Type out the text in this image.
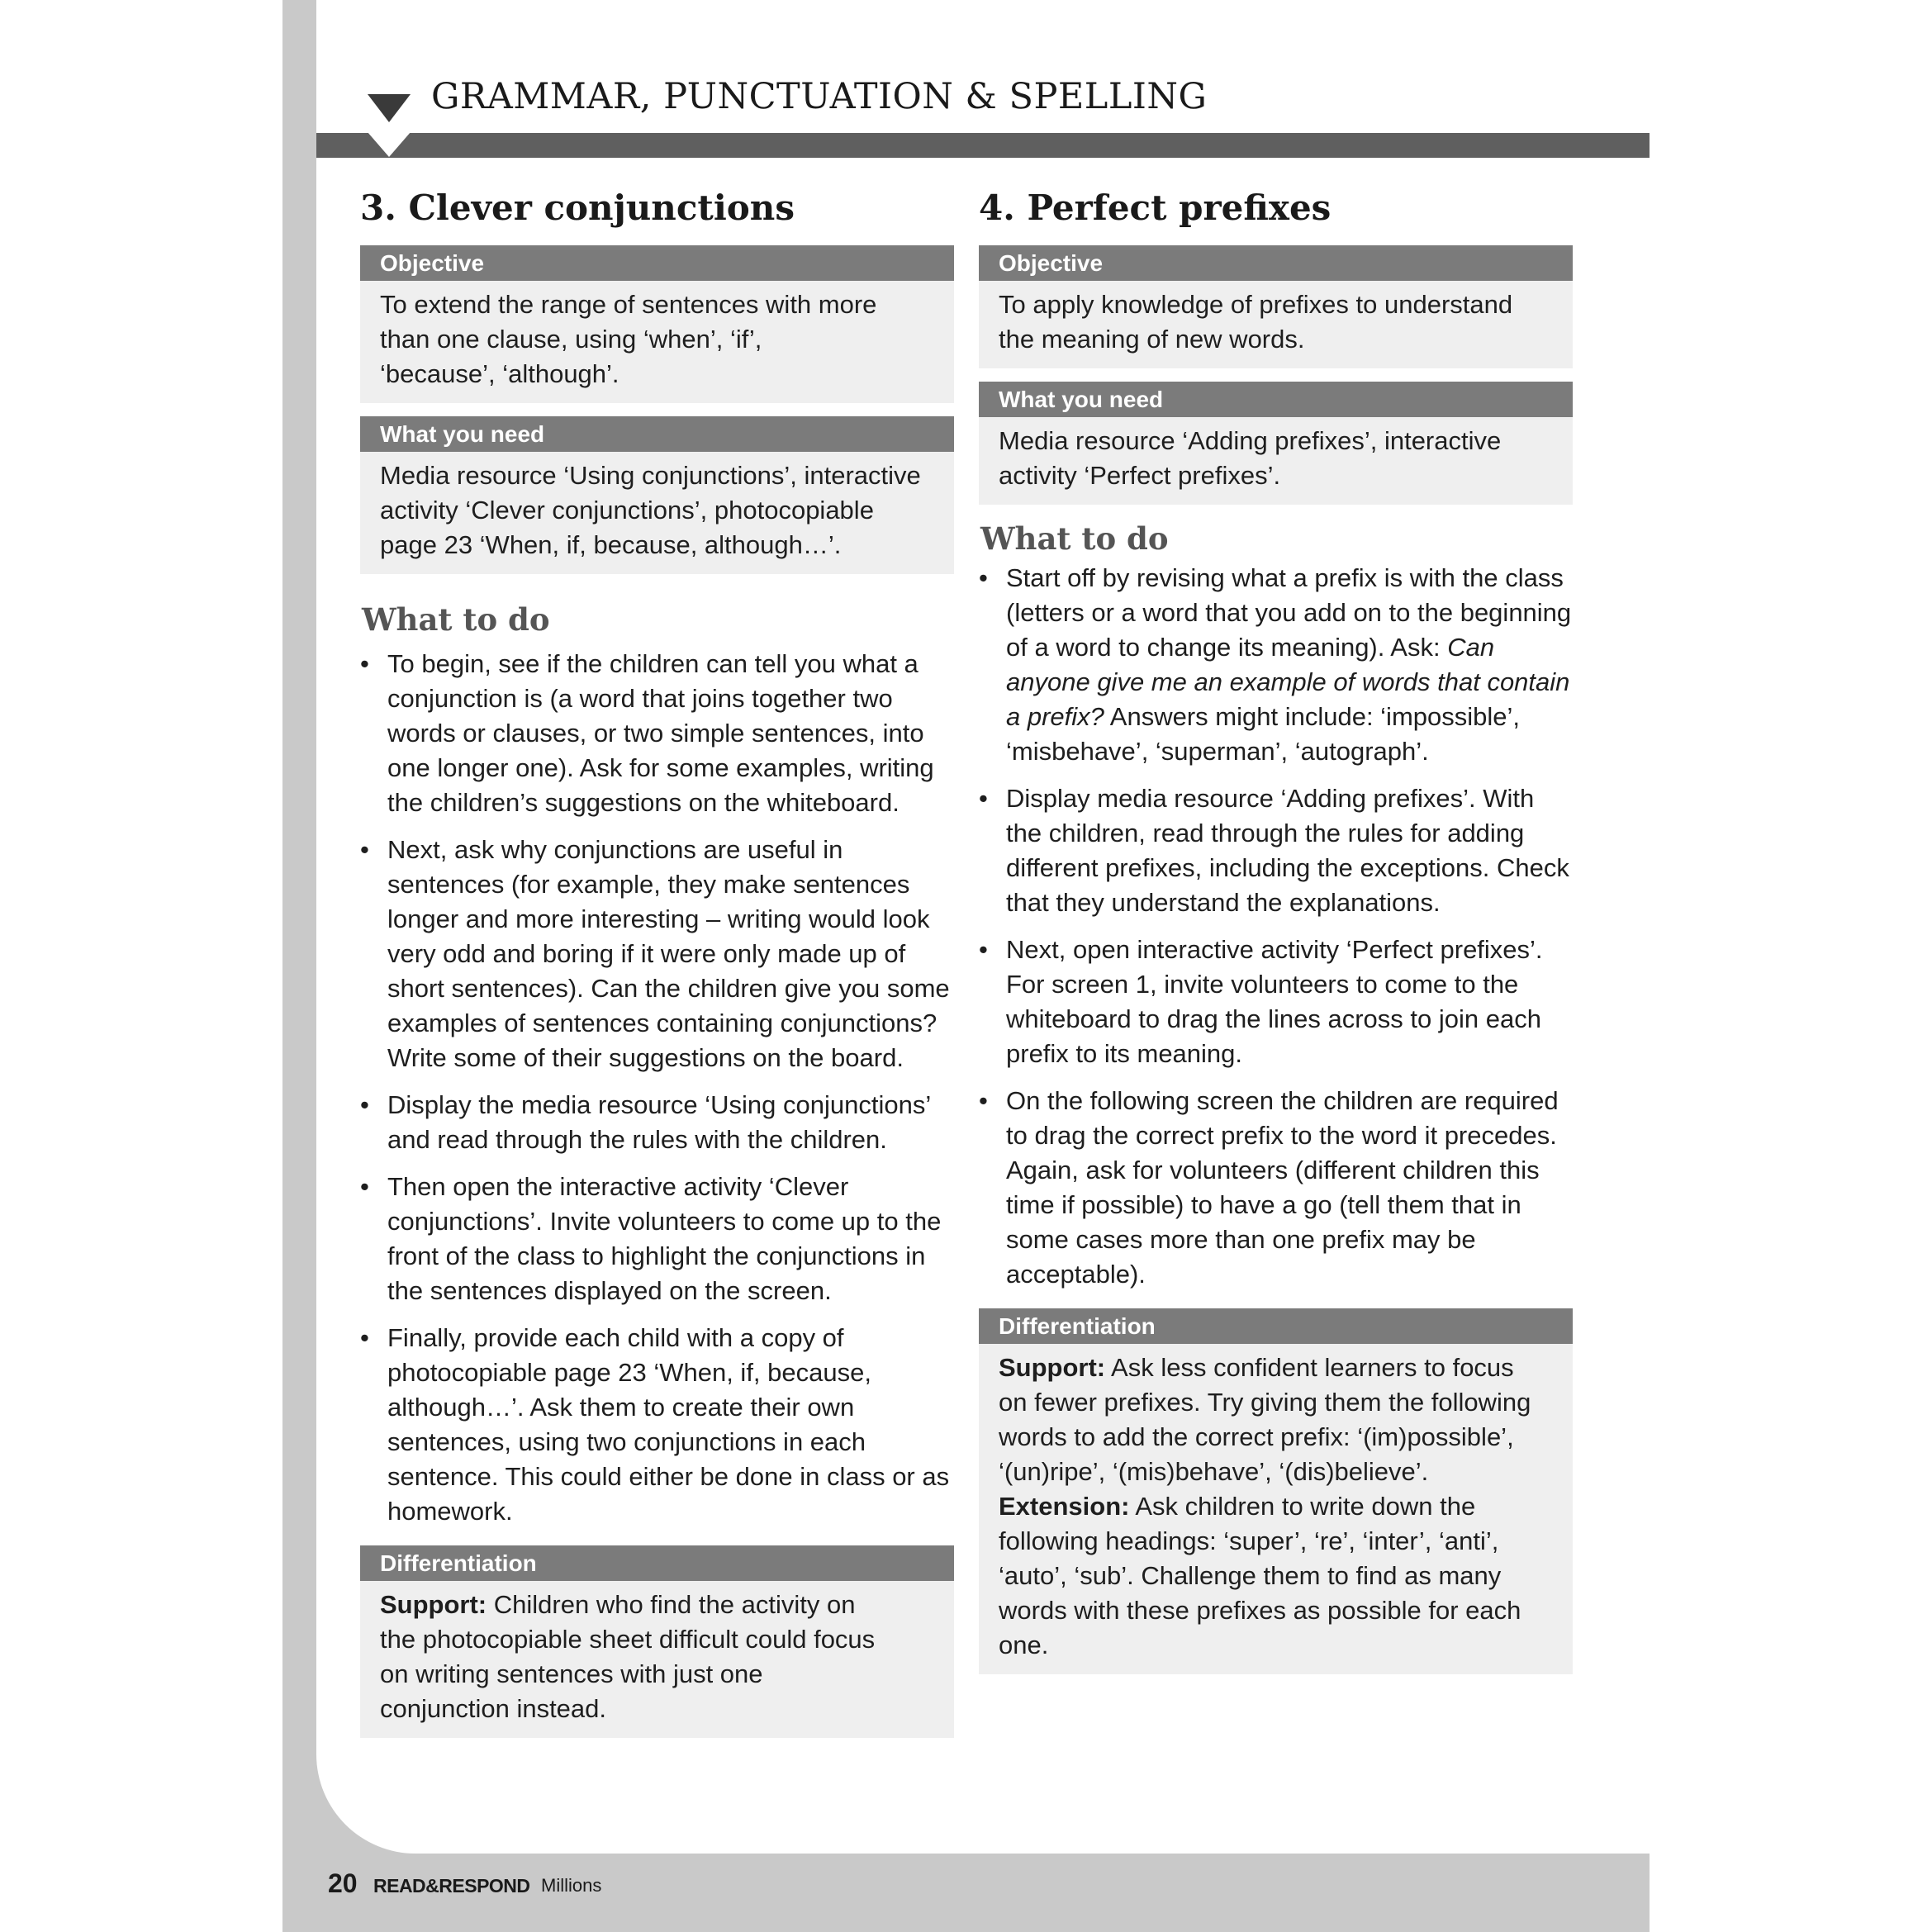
GRAMMAR, PUNCTUATION & SPELLING
3. Clever conjunctions
Objective
To extend the range of sentences with more than one clause, using ‘when’, ‘if’, ‘because’, ‘although’.
What you need
Media resource ‘Using conjunctions’, interactive activity ‘Clever conjunctions’, photocopiable page 23 ‘When, if, because, although…’.
What to do
• To begin, see if the children can tell you what a conjunction is (a word that joins together two words or clauses, or two simple sentences, into one longer one). Ask for some examples, writing the children’s suggestions on the whiteboard.
• Next, ask why conjunctions are useful in sentences (for example, they make sentences longer and more interesting – writing would look very odd and boring if it were only made up of short sentences). Can the children give you some examples of sentences containing conjunctions? Write some of their suggestions on the board.
• Display the media resource ‘Using conjunctions’ and read through the rules with the children.
• Then open the interactive activity ‘Clever conjunctions’. Invite volunteers to come up to the front of the class to highlight the conjunctions in the sentences displayed on the screen.
• Finally, provide each child with a copy of photocopiable page 23 ‘When, if, because, although…’. Ask them to create their own sentences, using two conjunctions in each sentence. This could either be done in class or as homework.
Differentiation

Support: Children who find the activity on the photocopiable sheet difficult could focus on writing sentences with just one conjunction instead.

4. Perfect prefixes
Objective
To apply knowledge of prefixes to understand the meaning of new words.
What you need
Media resource ‘Adding prefixes’, interactive activity ‘Perfect prefixes’.
What to do
• Start off by revising what a prefix is with the class (letters or a word that you add on to the beginning of a word to change its meaning). Ask: Can anyone give me an example of words that contain a prefix? Answers might include: ‘impossible’, ‘misbehave’, ‘superman’, ‘autograph’.
• Display media resource ‘Adding prefixes’. With the children, read through the rules for adding different prefixes, including the exceptions. Check that they understand the explanations.
• Next, open interactive activity ‘Perfect prefixes’. For screen 1, invite volunteers to come to the whiteboard to drag the lines across to join each prefix to its meaning.
• On the following screen the children are required to drag the correct prefix to the word it precedes. Again, ask for volunteers (different children this time if possible) to have a go (tell them that in some cases more than one prefix may be acceptable).
Differentiation

Support: Ask less confident learners to focus on fewer prefixes. Try giving them the following words to add the correct prefix: ‘(im)possible’, ‘(un)ripe’, ‘(mis)behave’, ‘(dis)believe’.

Extension: Ask children to write down the following headings: ‘super’, ‘re’, ‘inter’, ‘anti’, ‘auto’, ‘sub’. Challenge them to find as many words with these prefixes as possible for each one.

20 READ&RESPOND Millions
